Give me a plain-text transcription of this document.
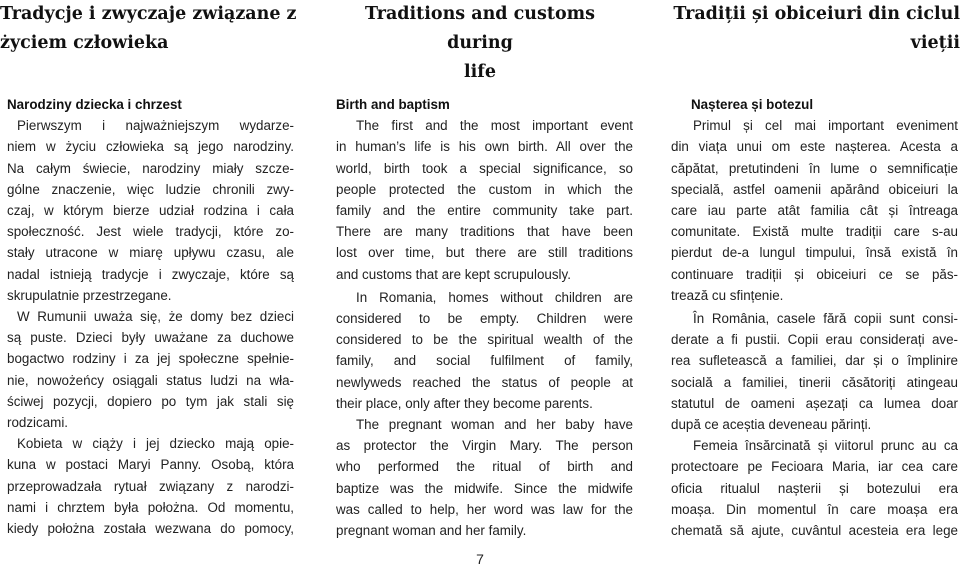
Tradycje i zwyczaje związane z
życiem człowieka
Traditions and customs during
life
Tradiții și obiceiuri din ciclul
vieții
Narodziny dziecka i chrzest
Pierwszym i najważniejszym wydarze-
niem w życiu człowieka są jego narodziny.
Na całym świecie, narodziny miały szcze-
gólne znaczenie, więc ludzie chronili zwy-
czaj, w którym bierze udział rodzina i cała
społeczność. Jest wiele tradycji, które zo-
stały utracone w miarę upływu czasu, ale
nadal istnieją tradycje i zwyczaje, które są
skrupulatnie przestrzegane.
W Rumunii uważa się, że domy bez dzieci
są puste. Dzieci były uważane za duchowe
bogactwo rodziny i za jej społeczne spełnie-
nie, nowożeńcy osiągali status ludzi na wła-
ściwej pozycji, dopiero po tym jak stali się
rodzicami.
Kobieta w ciąży i jej dziecko mają opie-
kuna w postaci Maryi Panny. Osobą, która
przeprowadzała rytuał związany z narodzi-
nami i chrztem była położna. Od momentu,
kiedy położna została wezwana do pomocy,
Birth and baptism
The first and the most important event
in human’s life is his own birth. All over the
world, birth took a special significance, so
people protected the custom in which the
family and the entire community take part.
There are many traditions that have been
lost over time, but there are still traditions
and customs that are kept scrupulously.
In Romania, homes without children are
considered to be empty. Children were
considered to be the spiritual wealth of the
family, and social fulfilment of family,
newlyweds reached the status of people at
their place, only after they become parents.
The pregnant woman and her baby have
as protector the Virgin Mary. The person
who performed the ritual of birth and
baptize was the midwife. Since the midwife
was called to help, her word was law for the
pregnant woman and her family.
Nașterea și botezul
Primul și cel mai important eveniment
din viața unui om este nașterea. Acesta a
căpătat, pretutindeni în lume o semnificație
specială, astfel oamenii apărând obiceiuri la
care iau parte atât familia cât și întreaga
comunitate. Există multe tradiții care s-au
pierdut de-a lungul timpului, însă există în
continuare tradiții și obiceiuri ce se păs-
trează cu sfințenie.
În România, casele fără copii sunt consi-
derate a fi pustii. Copii erau considerați ave-
rea sufletească a familiei, dar și o împlinire
socială a familiei, tinerii căsătoriți atingeau
statutul de oameni așezați ca lumea doar
după ce aceștia deveneau părinți.
Femeia însărcinată și viitorul prunc au ca
protectoare pe Fecioara Maria, iar cea care
oficia ritualul nașterii și botezului era
moașa. Din momentul în care moașa era
chemată să ajute, cuvântul acesteia era lege
7
